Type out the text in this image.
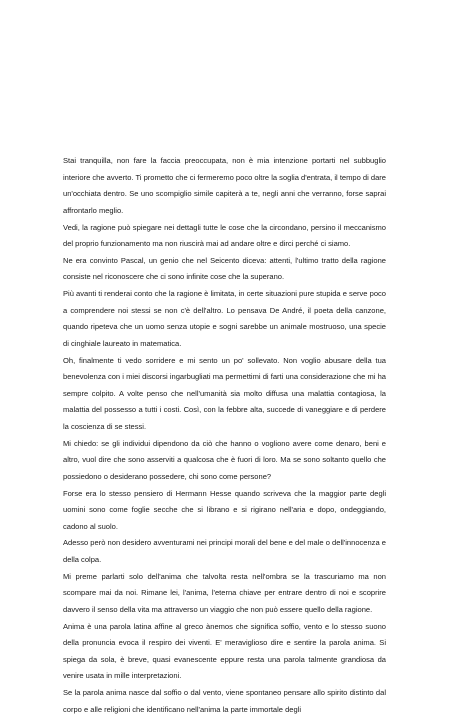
Stai tranquilla, non fare la faccia preoccupata, non è mia intenzione portarti nel subbuglio interiore che avverto. Ti prometto che ci fermeremo poco oltre la soglia d'entrata, il tempo di dare un'occhiata dentro. Se uno scompiglio simile capiterà a te, negli anni che verranno, forse saprai affrontarlo meglio.

Vedi, la ragione può spiegare nei dettagli tutte le cose che la circondano, persino il meccanismo del proprio funzionamento ma non riuscirà mai ad andare oltre e dirci perché ci siamo.

Ne era convinto Pascal, un genio che nel Seicento diceva: attenti, l'ultimo tratto della ragione consiste nel riconoscere che ci sono infinite cose che la superano.

Più avanti ti renderai conto che la ragione è limitata, in certe situazioni pure stupida e serve poco a comprendere noi stessi se non c'è dell'altro. Lo pensava De André, il poeta della canzone, quando ripeteva che un uomo senza utopie e sogni sarebbe un animale mostruoso, una specie di cinghiale laureato in matematica.

Oh, finalmente ti vedo sorridere e mi sento un po' sollevato. Non voglio abusare della tua benevolenza con i miei discorsi ingarbugliati ma permettimi di farti una considerazione che mi ha sempre colpito. A volte penso che nell'umanità sia molto diffusa una malattia contagiosa, la malattia del possesso a tutti i costi. Così, con la febbre alta, succede di vaneggiare e di perdere la coscienza di se stessi.

Mi chiedo: se gli individui dipendono da ciò che hanno o vogliono avere come denaro, beni e altro, vuol dire che sono asserviti a qualcosa che è fuori di loro. Ma se sono soltanto quello che possiedono o desiderano possedere, chi sono come persone?

Forse era lo stesso pensiero di Hermann Hesse quando scriveva che la maggior parte degli uomini sono come foglie secche che si librano e si rigirano nell'aria e dopo, ondeggiando, cadono al suolo.

Adesso però non desidero avventurami nei principi morali del bene e del male o dell'innocenza e della colpa.

Mi preme parlarti solo dell'anima che talvolta resta nell'ombra se la trascuriamo ma non scompare mai da noi. Rimane lei, l'anima, l'eterna chiave per entrare dentro di noi e scoprire davvero il senso della vita ma attraverso un viaggio che non può essere quello della ragione.

Anima è una parola latina affine al greco ànemos che significa soffio, vento e lo stesso suono della pronuncia evoca il respiro dei viventi. E' meraviglioso dire e sentire la parola anima. Si spiega da sola, è breve, quasi evanescente eppure resta una parola talmente grandiosa da venire usata in mille interpretazioni.

Se la parola anima nasce dal soffio o dal vento, viene spontaneo pensare allo spirito distinto dal corpo e alle religioni che identificano nell'anima la parte immortale degli
